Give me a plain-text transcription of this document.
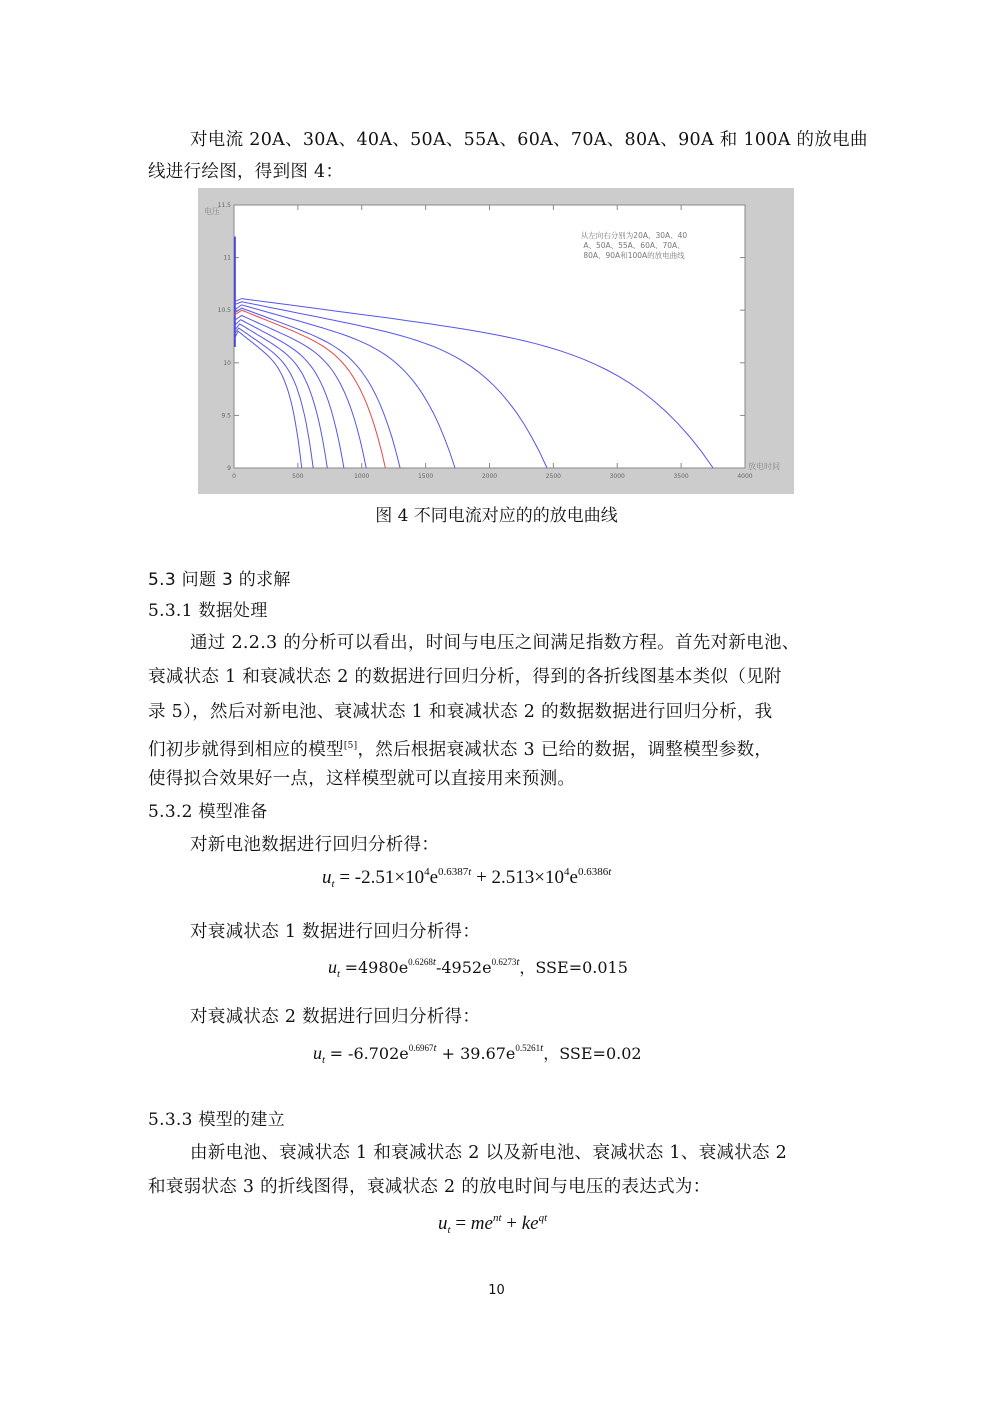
对电流 20A、30A、40A、50A、55A、60A、70A、80A、90A 和 100A 的放电曲
线进行绘图，得到图 4：
0	500	1000	1500	2000	2500	3000	3500	4000
9
9.5
10
10.5
11
11.5
电压
放电时间
从左向右分别为20A、30A、40
A、50A、55A、60A、70A、
80A、90A和100A的放电曲线
图 4 不同电流对应的的放电曲线
5.3 问题 3 的求解
5.3.1 数据处理
通过 2.2.3 的分析可以看出，时间与电压之间满足指数方程。首先对新电池、
衰减状态 1 和衰减状态 2 的数据进行回归分析，得到的各折线图基本类似（见附
录 5），然后对新电池、衰减状态 1 和衰减状态 2 的数据数据进行回归分析，我
们初步就得到相应的模型[5]，然后根据衰减状态 3 已给的数据，调整模型参数，
使得拟合效果好一点，这样模型就可以直接用来预测。
5.3.2 模型准备
对新电池数据进行回归分析得：
$u_t = -2.51\times 10^4e^{0.6387t} + 2.513\times 10^4e^{0.6386t}$
对衰减状态 1 数据进行回归分析得：
$u_t =4980e^{0.6268t}-4952e^{0.6273t}$，SSE=0.015
对衰减状态 2 数据进行回归分析得：
$u_t = -6.702e^{0.6967t} + 39.67e^{0.5261t}$，SSE=0.02
5.3.3 模型的建立
由新电池、衰减状态 1 和衰减状态 2 以及新电池、衰减状态 1、衰减状态 2
和衰弱状态 3 的折线图得，衰减状态 2 的放电时间与电压的表达式为：
$u_t = me^{nt} + ke^{qt}$
10
